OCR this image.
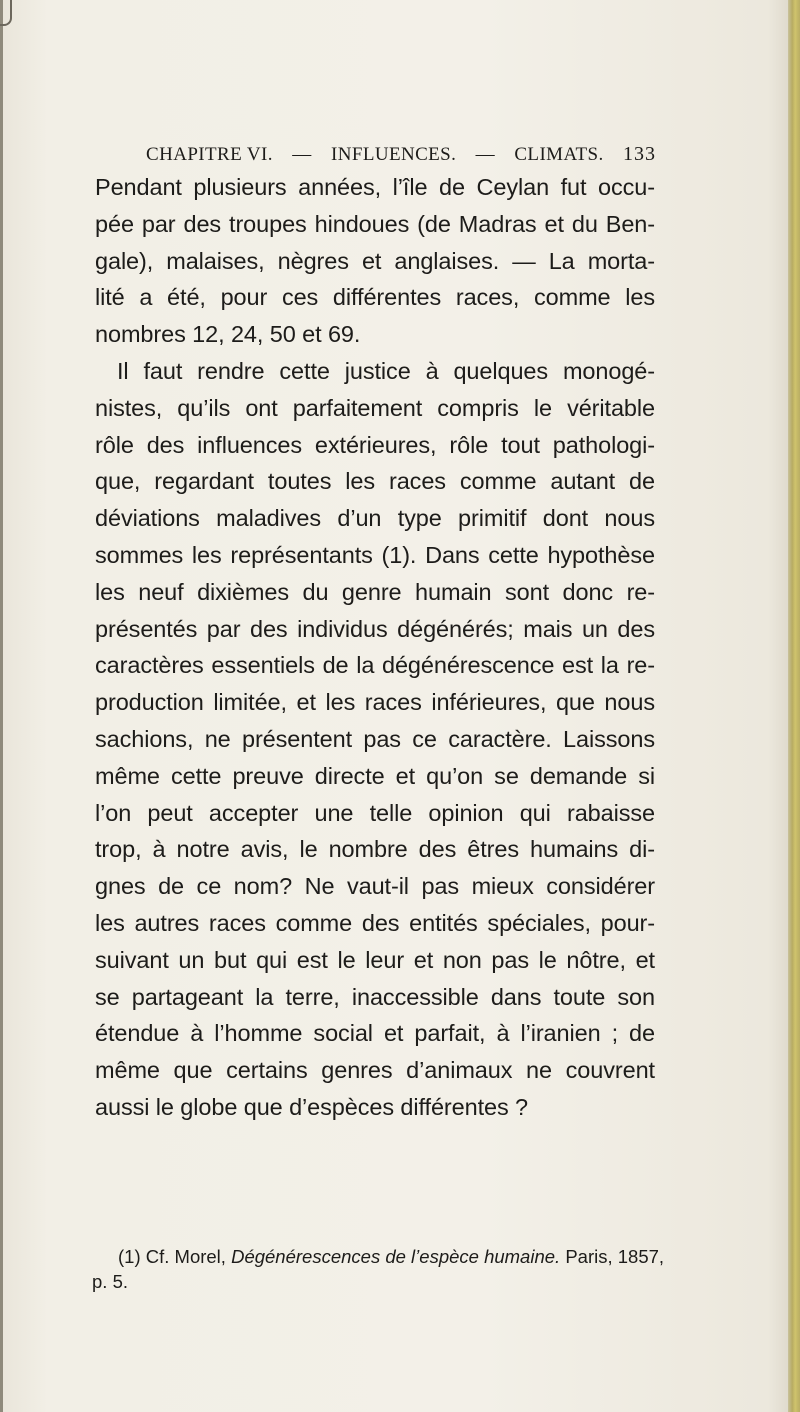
CHAPITRE VI. — INFLUENCES. — CLIMATS. 133
Pendant plusieurs années, l’île de Ceylan fut occu-
pée par des troupes hindoues (de Madras et du Ben-
gale), malaises, nègres et anglaises. — La morta-
lité a été, pour ces différentes races, comme les
nombres 12, 24, 50 et 69.
Il faut rendre cette justice à quelques monogé-
nistes, qu’ils ont parfaitement compris le véritable
rôle des influences extérieures, rôle tout pathologi-
que, regardant toutes les races comme autant de
déviations maladives d’un type primitif dont nous
sommes les représentants (1). Dans cette hypothèse
les neuf dixièmes du genre humain sont donc re-
présentés par des individus dégénérés; mais un des
caractères essentiels de la dégénérescence est la re-
production limitée, et les races inférieures, que nous
sachions, ne présentent pas ce caractère. Laissons
même cette preuve directe et qu’on se demande si
l’on peut accepter une telle opinion qui rabaisse
trop, à notre avis, le nombre des êtres humains di-
gnes de ce nom? Ne vaut-il pas mieux considérer
les autres races comme des entités spéciales, pour-
suivant un but qui est le leur et non pas le nôtre, et
se partageant la terre, inaccessible dans toute son
étendue à l’homme social et parfait, à l’iranien ; de
même que certains genres d’animaux ne couvrent
aussi le globe que d’espèces différentes ?
(1) Cf. Morel, Dégénérescences de l’espèce humaine. Paris, 1857,
p. 5.
